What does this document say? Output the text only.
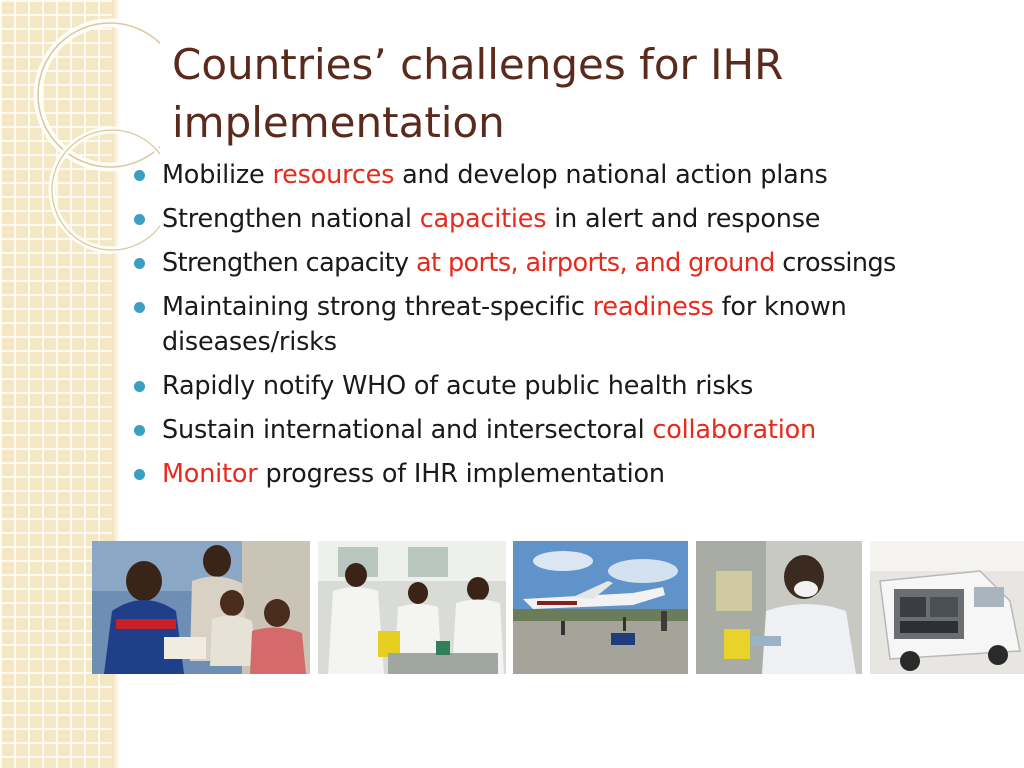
Countries’ challenges for IHR implementation
Mobilize resources and develop national action plans
Strengthen national capacities in alert and response
Strengthen capacity at ports, airports, and ground crossings
Maintaining strong threat-specific readiness for known diseases/risks
Rapidly notify WHO of acute public health risks
Sustain international and intersectoral collaboration
Monitor progress of IHR implementation
